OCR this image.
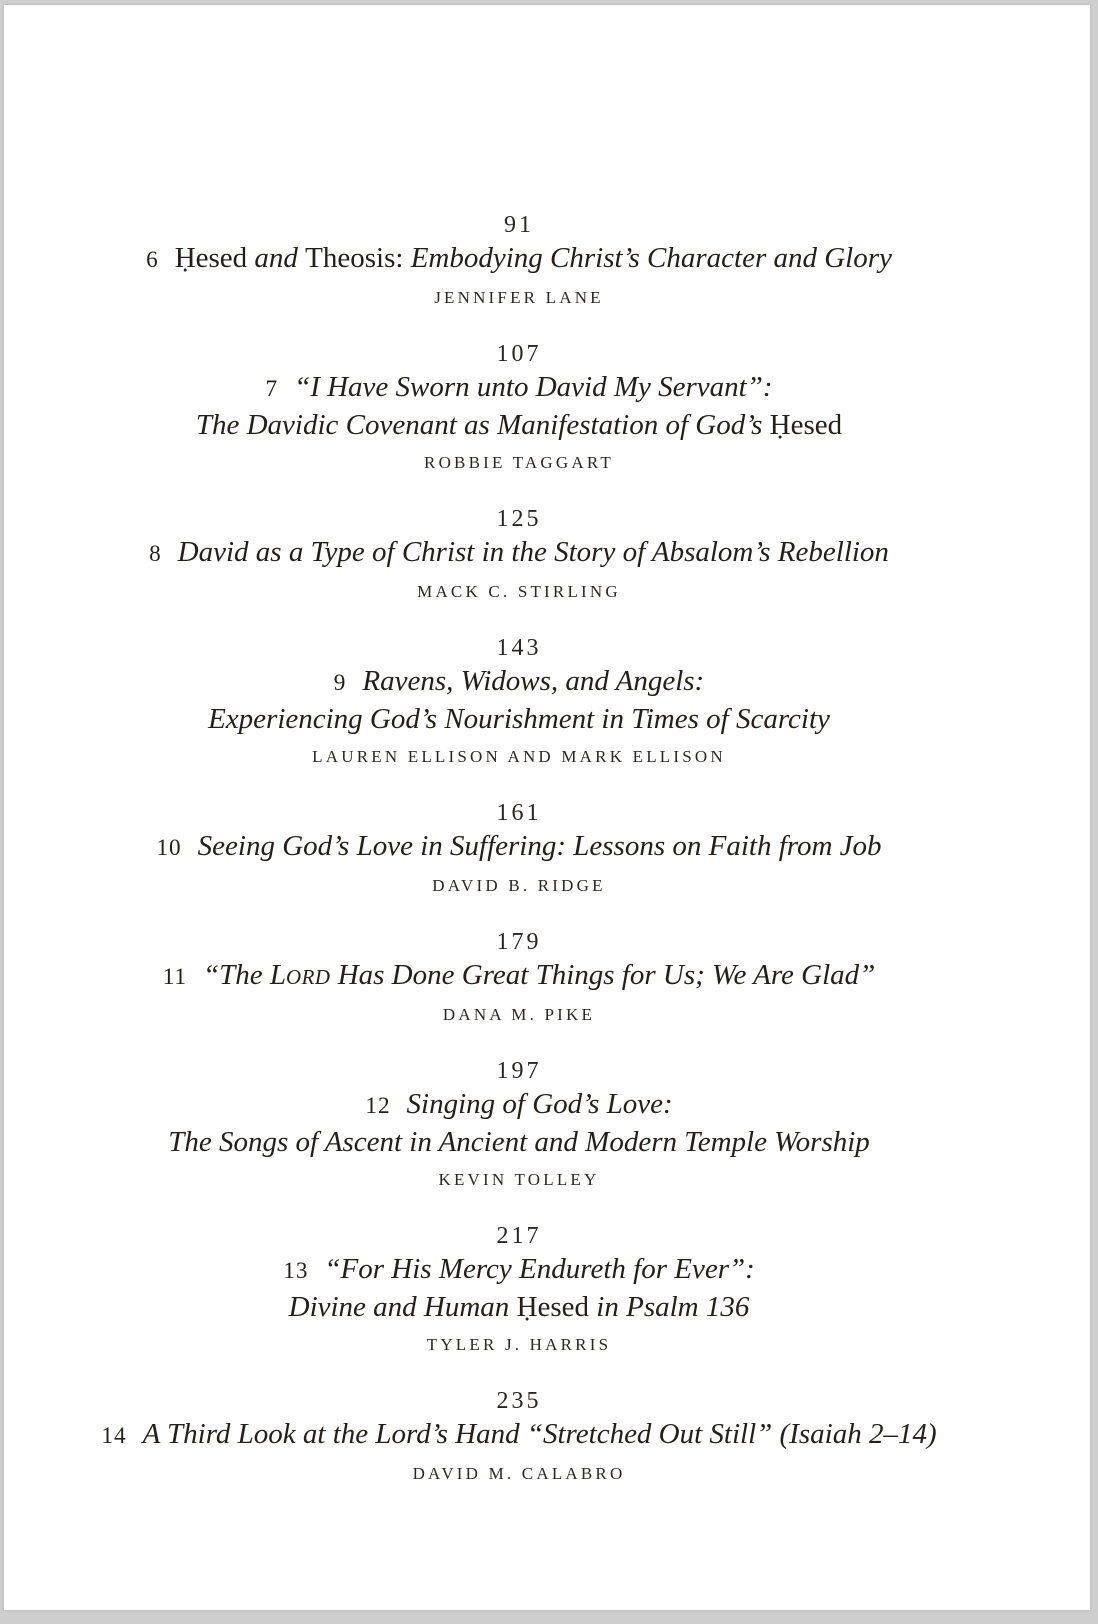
91
6 Ḥesed and Theosis: Embodying Christ’s Character and Glory
JENNIFER LANE
107
7 “I Have Sworn unto David My Servant”:
The Davidic Covenant as Manifestation of God’s Ḥesed
ROBBIE TAGGART
125
8 David as a Type of Christ in the Story of Absalom’s Rebellion
MACK C. STIRLING
143
9 Ravens, Widows, and Angels:
Experiencing God’s Nourishment in Times of Scarcity
LAUREN ELLISON AND MARK ELLISON
161
10 Seeing God’s Love in Suffering: Lessons on Faith from Job
DAVID B. RIDGE
179
11 “The LORD Has Done Great Things for Us; We Are Glad”
DANA M. PIKE
197
12 Singing of God’s Love:
The Songs of Ascent in Ancient and Modern Temple Worship
KEVIN TOLLEY
217
13 “For His Mercy Endureth for Ever”:
Divine and Human Ḥesed in Psalm 136
TYLER J. HARRIS
235
14 A Third Look at the Lord’s Hand “Stretched Out Still” (Isaiah 2–14)
DAVID M. CALABRO
